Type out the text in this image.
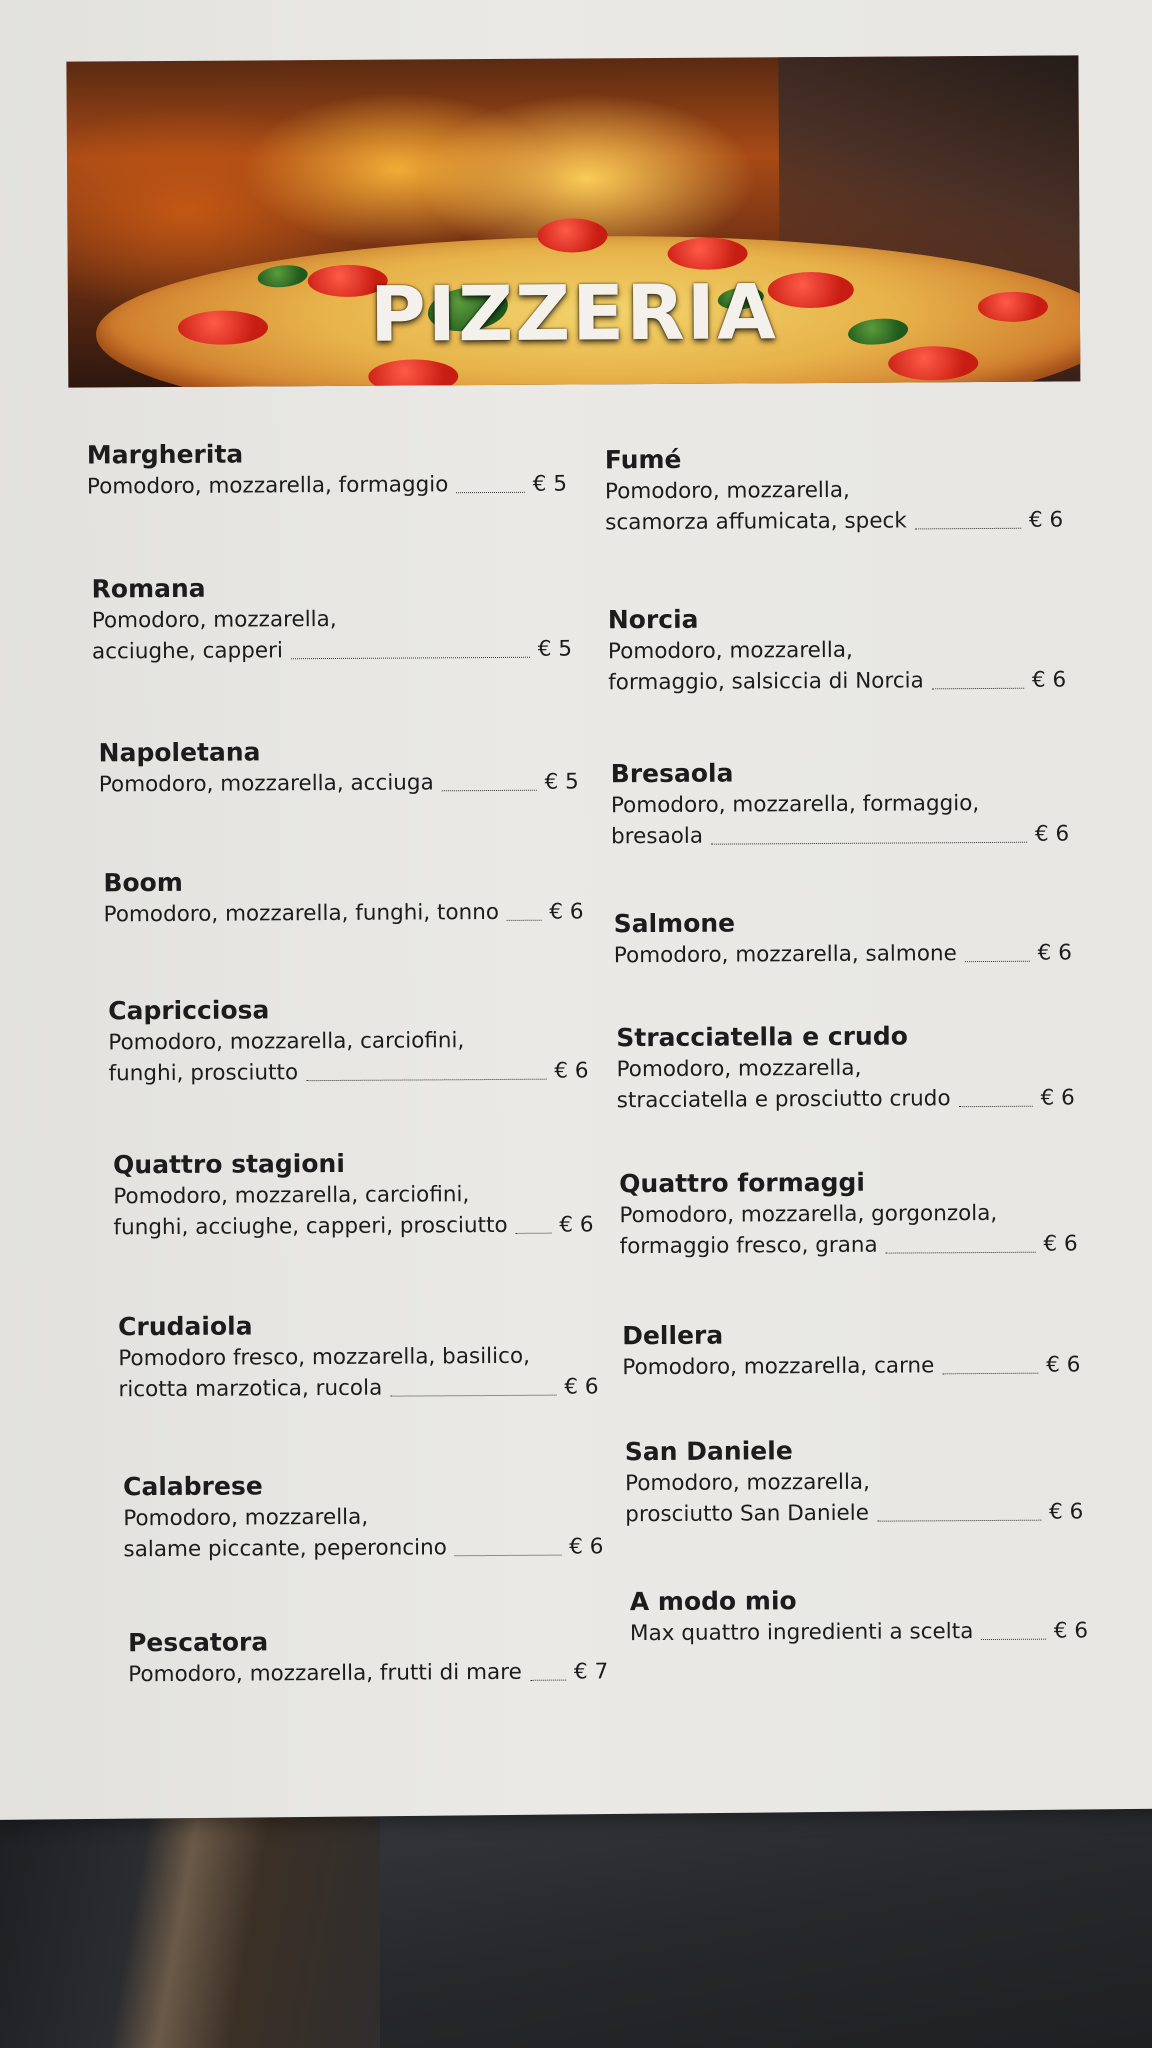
PIZZERIA
Margherita
Pomodoro, mozzarella, formaggio	€ 5
Romana
Pomodoro, mozzarella,
acciughe, capperi	€ 5
Napoletana
Pomodoro, mozzarella, acciuga	€ 5
Boom
Pomodoro, mozzarella, funghi, tonno € 6
Capricciosa
Pomodoro, mozzarella, carciofini,
funghi, prosciutto	€ 6
Quattro stagioni
Pomodoro, mozzarella, carciofini,
funghi, acciughe, capperi, prosciutto € 6
Crudaiola
Pomodoro fresco, mozzarella, basilico,
ricotta marzotica, rucola	€ 6
Calabrese
Pomodoro, mozzarella,
salame piccante, peperoncino	€ 6
Pescatora
Pomodoro, mozzarella, frutti di mare € 7
Fumé
Pomodoro, mozzarella,
scamorza affumicata, speck	€ 6
Norcia
Pomodoro, mozzarella,
formaggio, salsiccia di Norcia	€ 6
Bresaola
Pomodoro, mozzarella, formaggio,
bresaola	€ 6
Salmone
Pomodoro, mozzarella, salmone	€ 6
Stracciatella e crudo
Pomodoro, mozzarella,
stracciatella e prosciutto crudo	€ 6
Quattro formaggi
Pomodoro, mozzarella, gorgonzola,
formaggio fresco, grana	€ 6
Dellera
Pomodoro, mozzarella, carne	€ 6
San Daniele
Pomodoro, mozzarella,
prosciutto San Daniele	€ 6
A modo mio
Max quattro ingredienti a scelta	€ 6
